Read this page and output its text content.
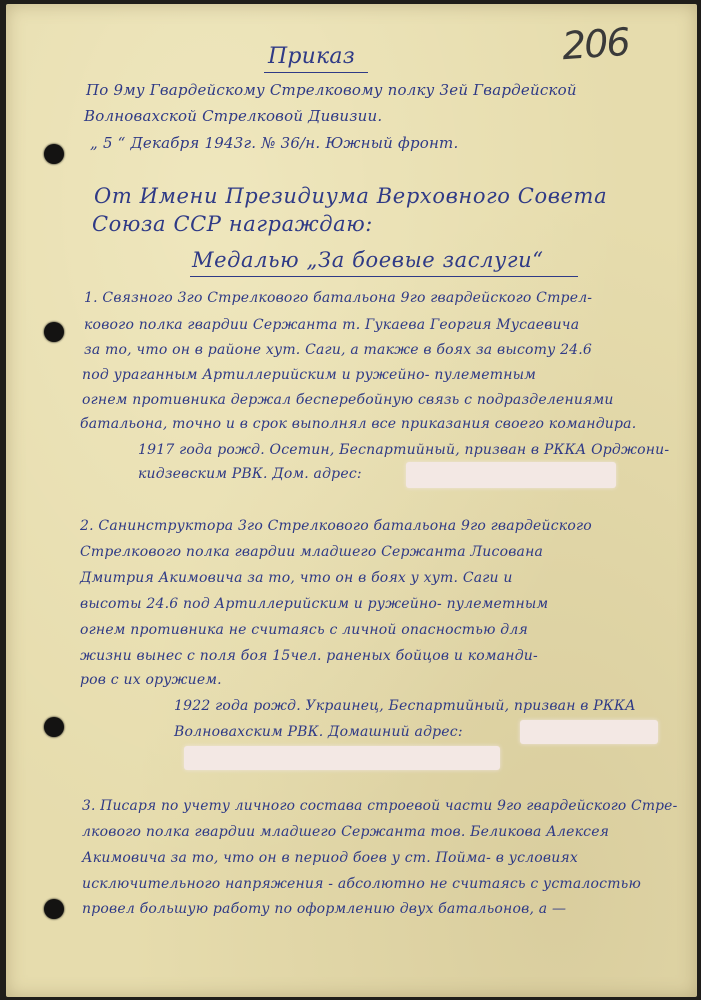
206
Приказ
По 9му Гвардейскому Стрелковому полку 3ей Гвардейской
Волновахской Стрелковой Дивизии.
„ 5 “ Декабря 1943г. № 36/н. Южный фронт.
От Имени Президиума Верховного Совета
Союза ССР награждаю:
Медалью „За боевые заслуги“
1. Связного 3го Стрелкового батальона 9го гвардейского Стрел-
кового полка гвардии Сержанта т. Гукаева Георгия Мусаевича
за то, что он в районе хут. Саги, а также в боях за высоту 24.6
под ураганным Артиллерийским и ружейно- пулеметным
огнем противника держал бесперебойную связь с подразделениями
батальона, точно и в срок выполнял все приказания своего командира.
1917 года рожд. Осетин, Беспартийный, призван в РККА Орджони-
кидзевским РВК. Дом. адрес:
2. Санинструктора 3го Стрелкового батальона 9го гвардейского
Стрелкового полка гвардии младшего Сержанта Лисована
Дмитрия Акимовича за то, что он в боях у хут. Саги и
высоты 24.6 под Артиллерийским и ружейно- пулеметным
огнем противника не считаясь с личной опасностью для
жизни вынес с поля боя 15чел. раненых бойцов и команди-
ров с их оружием.
1922 года рожд. Украинец, Беспартийный, призван в РККА
Волновахским РВК. Домашний адрес:
3. Писаря по учету личного состава строевой части 9го гвардейского Стре-
лкового полка гвардии младшего Сержанта тов. Беликова Алексея
Акимовича за то, что он в период боев у ст. Пойма- в условиях
исключительного напряжения - абсолютно не считаясь с усталостью
провел большую работу по оформлению двух батальонов, а —
